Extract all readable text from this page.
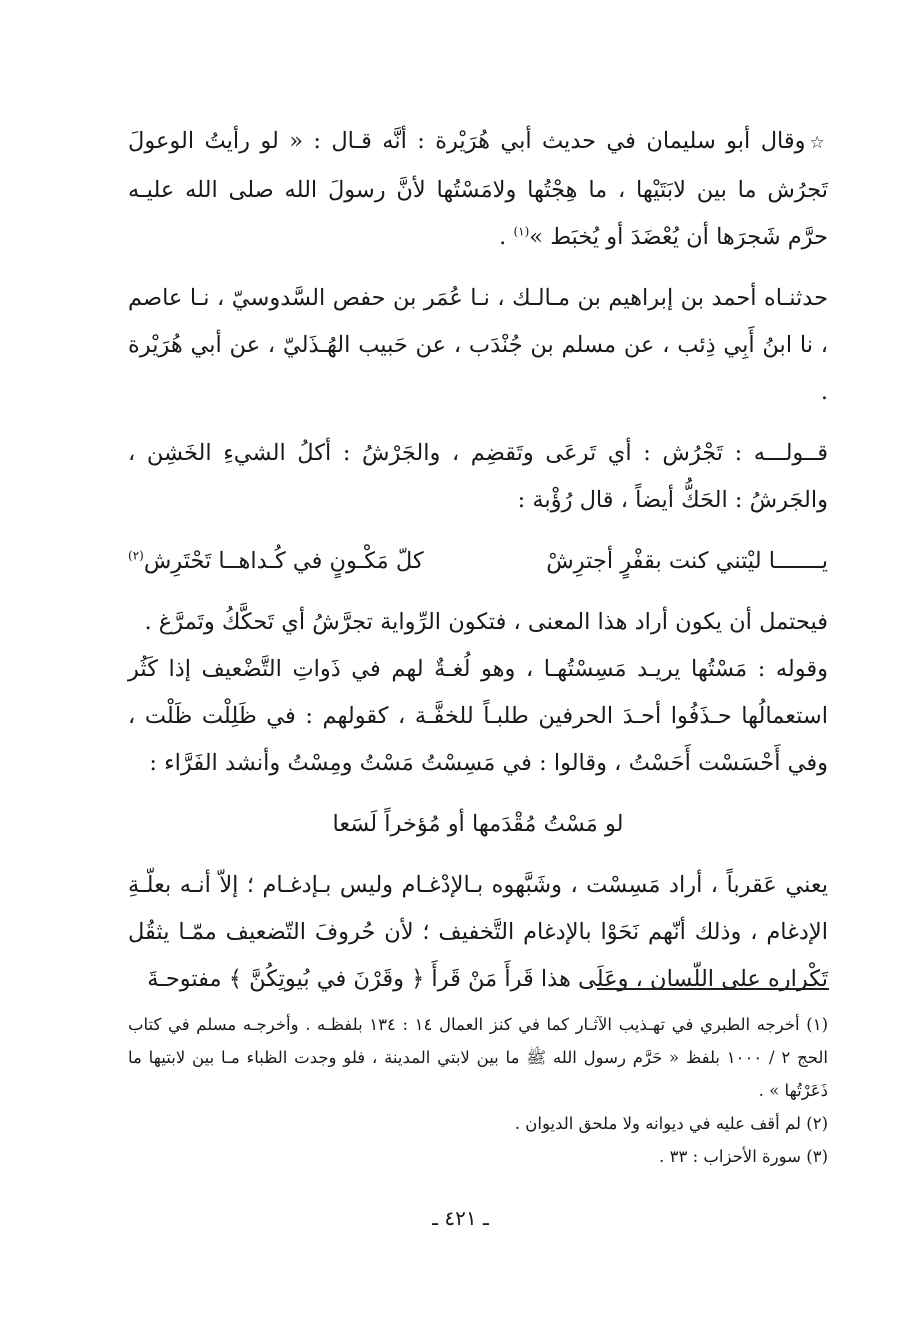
☆وقال أبو سليمان في حديث أبي هُرَيْرة : أنَّه قـال : « لو رأيتُ الوعولَ تَجرُش ما بين لابَتَيْها ، ما هِجْتُها ولامَسْتُها لأنَّ رسولَ الله صلى الله عليـه حرَّم شَجرَها أن يُعْضَدَ أو يُخبَط »$^{(١)}$ .

حدثنـاه أحمد بن إبراهيم بن مـالـك ، نـا عُمَر بن حفص السَّدوسيّ ، نـا عاصم ، نا ابنُ أَبِي ذِئب ، عن مسلم بن جُنْدَب ، عن حَبيب الهُـذَليّ ، عن أبي هُرَيْرة .

قــولـــه : تَجْرُش : أي تَرعَى وتَقضِم ، والجَرْشُ : أكلُ الشيءِ الخَشِن ، والجَرشُ : الحَكُّ أيضاً ، قال رُؤْبة :

يـــــــا ليْتني كنت بقفْرٍ أجترِشْ
كلّ مَكْـونٍ في كُـداهــا تَحْتَرِش$^{(٢)}$

فيحتمل أن يكون أراد هذا المعنى ، فتكون الرِّواية تجرَّشُ أي تَحكَّكُ وتَمرَّغ .

وقوله : مَسْتُها يريـد مَسِسْتُهـا ، وهو لُغـةٌ لهم في ذَواتِ التَّضْعيف إذا كَثُر استعمالُها حـذَفُوا أحـدَ الحرفين طلبـاً للخفَّـة ، كقولهم : في ظَلِلْت ظَلْت ، وفي أَحْسَسْت أَحَسْتُ ، وقالوا : في مَسِسْتُ مَسْتُ ومِسْتُ وأنشد الفَرَّاء :

لو مَسْتُ مُقْدَمها أو مُؤخراً لَسَعا

يعني عَقرباً ، أراد مَسِسْت ، وشَبَّهوه بـالإدْغـام وليس بـإدغـام ؛ إلاّ أنـه بعلّـةِ الإدغام ، وذلك أنّهم نَحَوْا بالإدغام التَّخفيف ؛ لأن حُروفَ التّضعيف ممّـا يثقُل تَكْراره على اللّسان ، وعَلَى هذا قَرأَ مَنْ قَرأَ ﴿ وقَرْنَ في بُيوتِكُنَّ ﴾ مفتوحـةَ

(١) أخرجه الطبري في تهـذيب الآثـار كما في كنز العمال ١٤ : ١٣٤ بلفظـه . وأخرجـه مسلم في كتاب الحج ٢ / ١٠٠٠ بلفظ « حَرَّم رسول الله ﷺ ما بين لابتي المدينة ، فلو وجدت الظباء مـا بين لابتيها ما ذَعَرْتُها » .

(٢) لم أقف عليه في ديوانه ولا ملحق الديوان .

(٣) سورة الأحزاب : ٣٣ .

ـ ٤٢١ ـ
